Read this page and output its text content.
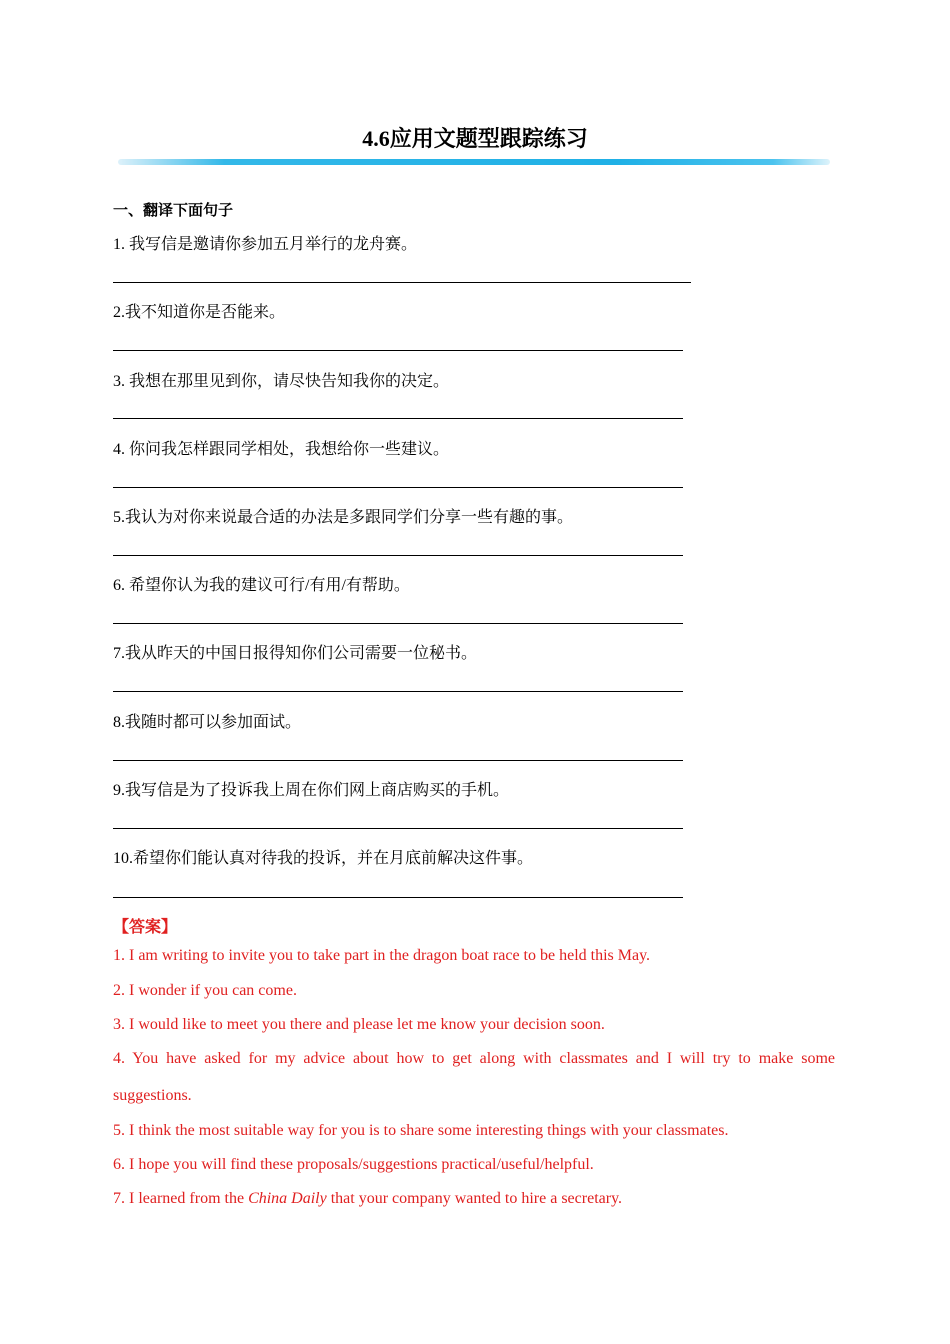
4.6应用文题型跟踪练习
一、翻译下面句子
1. 我写信是邀请你参加五月举行的龙舟赛。
2.我不知道你是否能来。
3. 我想在那里见到你，请尽快告知我你的决定。
4. 你问我怎样跟同学相处，我想给你一些建议。
5.我认为对你来说最合适的办法是多跟同学们分享一些有趣的事。
6. 希望你认为我的建议可行/有用/有帮助。
7.我从昨天的中国日报得知你们公司需要一位秘书。
8.我随时都可以参加面试。
9.我写信是为了投诉我上周在你们网上商店购买的手机。
10.希望你们能认真对待我的投诉，并在月底前解决这件事。
【答案】
1. I am writing to invite you to take part in the dragon boat race to be held this May.
2. I wonder if you can come.
3. I would like to meet you there and please let me know your decision soon.
4. You have asked for my advice about how to get along with classmates and I will try to make some
suggestions.
5. I think the most suitable way for you is to share some interesting things with your classmates.
6. I hope you will find these proposals/suggestions practical/useful/helpful.
7. I learned from the China Daily that your company wanted to hire a secretary.
